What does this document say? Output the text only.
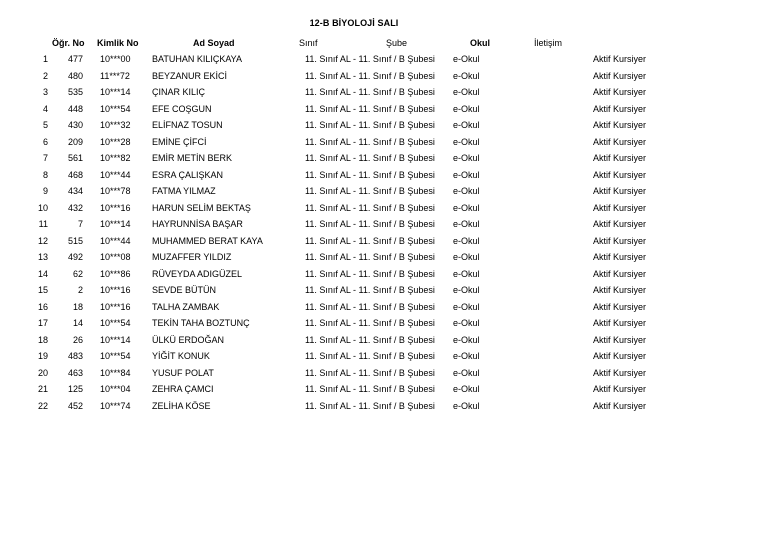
12-B BİYOLOJİ SALI
Öğr. No Kimlik No	Ad Soyad	Sınıf	Şube	Okul	İletişim
1	477 10***00 BATUHAN KILIÇKAYA	11. Sınıf AL - 11. Sınıf / B Şubesi e-Okul	Aktif Kursiyer
2	480 11***72 BEYZANUR EKİCİ	11. Sınıf AL - 11. Sınıf / B Şubesi e-Okul	Aktif Kursiyer
3	535 10***14 ÇINAR KILIÇ	11. Sınıf AL - 11. Sınıf / B Şubesi e-Okul	Aktif Kursiyer
4	448 10***54 EFE COŞGUN	11. Sınıf AL - 11. Sınıf / B Şubesi e-Okul	Aktif Kursiyer
5	430 10***32 ELİFNAZ TOSUN	11. Sınıf AL - 11. Sınıf / B Şubesi e-Okul	Aktif Kursiyer
6	209 10***28 EMİNE ÇİFCİ	11. Sınıf AL - 11. Sınıf / B Şubesi e-Okul	Aktif Kursiyer
7	561 10***82 EMİR METİN BERK	11. Sınıf AL - 11. Sınıf / B Şubesi e-Okul	Aktif Kursiyer
8	468 10***44 ESRA ÇALIŞKAN	11. Sınıf AL - 11. Sınıf / B Şubesi e-Okul	Aktif Kursiyer
9	434 10***78 FATMA YILMAZ	11. Sınıf AL - 11. Sınıf / B Şubesi e-Okul	Aktif Kursiyer
10	432 10***16 HARUN SELİM BEKTAŞ	11. Sınıf AL - 11. Sınıf / B Şubesi e-Okul	Aktif Kursiyer
11	7 10***14 HAYRUNNİSA BAŞAR	11. Sınıf AL - 11. Sınıf / B Şubesi e-Okul	Aktif Kursiyer
12	515 10***44 MUHAMMED BERAT KAYA	11. Sınıf AL - 11. Sınıf / B Şubesi e-Okul	Aktif Kursiyer
13	492 10***08 MUZAFFER YILDIZ	11. Sınıf AL - 11. Sınıf / B Şubesi e-Okul	Aktif Kursiyer
14	62 10***86 RÜVEYDA ADIGÜZEL	11. Sınıf AL - 11. Sınıf / B Şubesi e-Okul	Aktif Kursiyer
15	2 10***16 SEVDE BÜTÜN	11. Sınıf AL - 11. Sınıf / B Şubesi e-Okul	Aktif Kursiyer
16	18 10***16 TALHA ZAMBAK	11. Sınıf AL - 11. Sınıf / B Şubesi e-Okul	Aktif Kursiyer
17	14 10***54 TEKİN TAHA BOZTUNÇ	11. Sınıf AL - 11. Sınıf / B Şubesi e-Okul	Aktif Kursiyer
18	26 10***14 ÜLKÜ ERDOĞAN	11. Sınıf AL - 11. Sınıf / B Şubesi e-Okul	Aktif Kursiyer
19	483 10***54 YİĞİT KONUK	11. Sınıf AL - 11. Sınıf / B Şubesi e-Okul	Aktif Kursiyer
20	463 10***84 YUSUF POLAT	11. Sınıf AL - 11. Sınıf / B Şubesi e-Okul	Aktif Kursiyer
21	125 10***04 ZEHRA ÇAMCI	11. Sınıf AL - 11. Sınıf / B Şubesi e-Okul	Aktif Kursiyer
22	452 10***74 ZELİHA KÖSE	11. Sınıf AL - 11. Sınıf / B Şubesi e-Okul	Aktif Kursiyer
